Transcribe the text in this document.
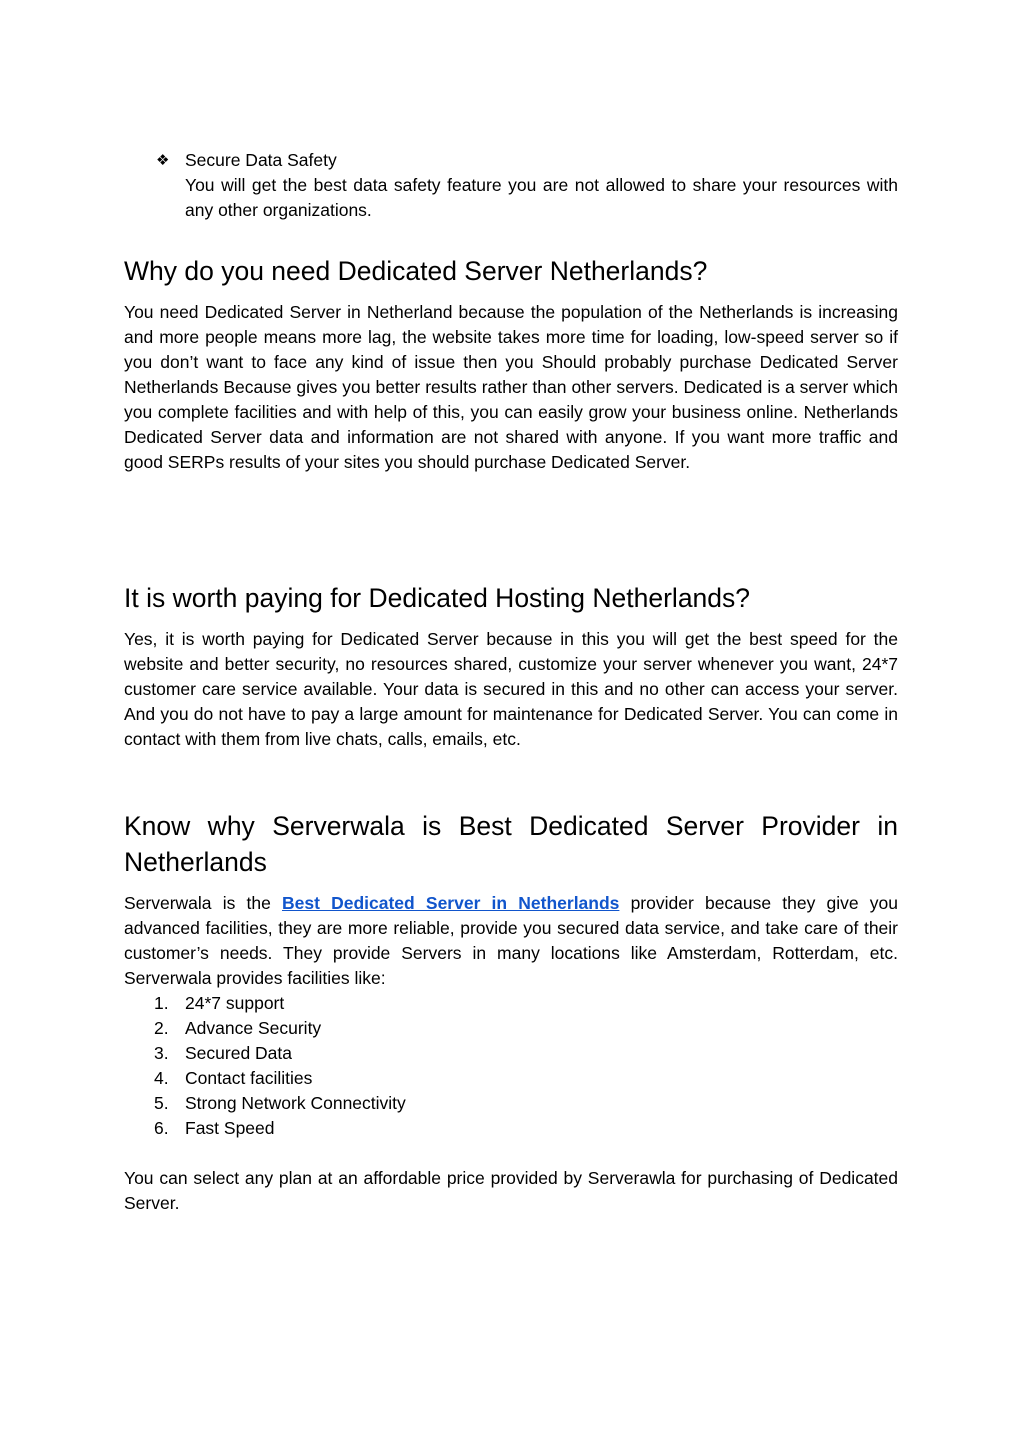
❖ Secure Data Safety
You will get the best data safety feature you are not allowed to share your resources with any other organizations.
Why do you need Dedicated Server Netherlands?

You need Dedicated Server in Netherland because the population of the Netherlands is increasing and more people means more lag, the website takes more time for loading, low-speed server so if you don’t want to face any kind of issue then you Should probably purchase Dedicated Server Netherlands Because gives you better results rather than other servers. Dedicated is a server which you complete facilities and with help of this, you can easily grow your business online. Netherlands Dedicated Server data and information are not shared with anyone. If you want more traffic and good SERPs results of your sites you should purchase Dedicated Server.

It is worth paying for Dedicated Hosting Netherlands?

Yes, it is worth paying for Dedicated Server because in this you will get the best speed for the website and better security, no resources shared, customize your server whenever you want, 24*7 customer care service available. Your data is secured in this and no other can access your server. And you do not have to pay a large amount for maintenance for Dedicated Server. You can come in contact with them from live chats, calls, emails, etc.

Know why Serverwala is Best Dedicated Server Provider in Netherlands

Serverwala is the Best Dedicated Server in Netherlands provider because they give you advanced facilities, they are more reliable, provide you secured data service, and take care of their customer’s needs. They provide Servers in many locations like Amsterdam, Rotterdam, etc. Serverwala provides facilities like:

1. 24*7 support
2. Advance Security
3. Secured Data
4. Contact facilities
5. Strong Network Connectivity
6. Fast Speed

You can select any plan at an affordable price provided by Serverawla for purchasing of Dedicated Server.
